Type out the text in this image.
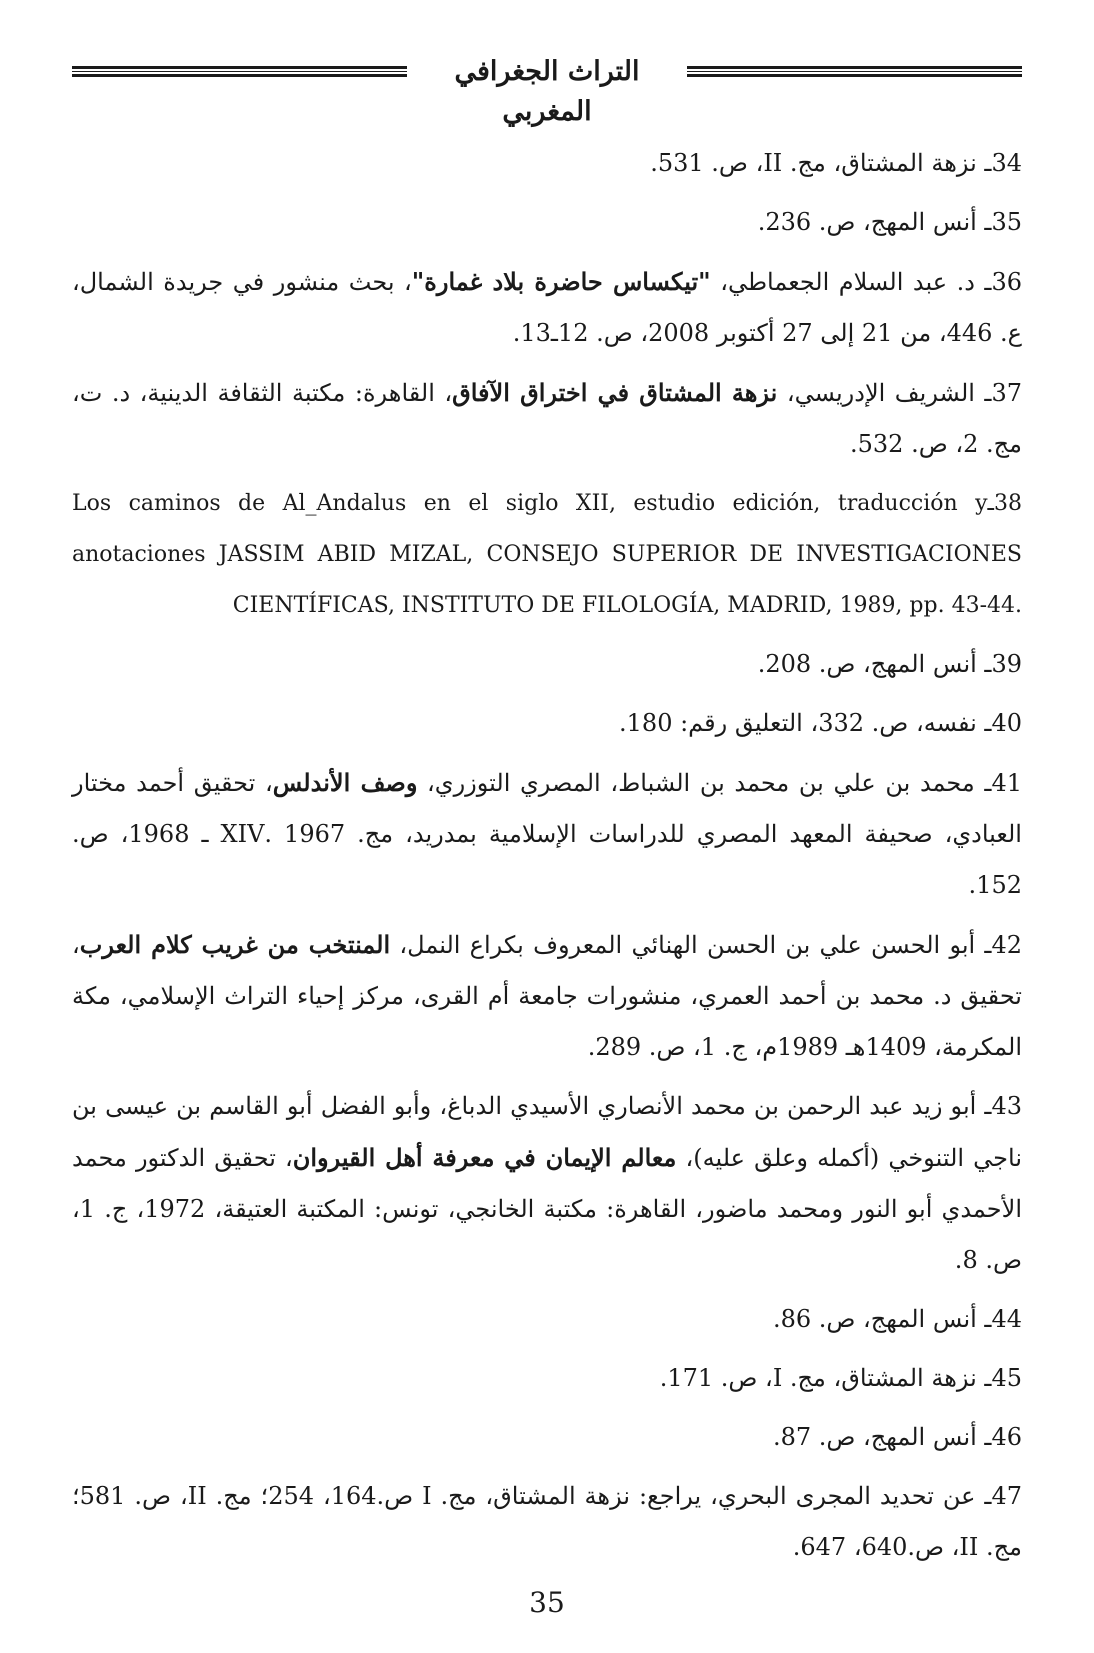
التراث الجغرافي المغربي

34ـ نزهة المشتاق، مج. II، ص. 531.

35ـ أنس المهج، ص. 236.

36ـ د. عبد السلام الجعماطي، "تيكساس حاضرة بلاد غمارة"، بحث منشور في جريدة الشمال، ع. 446، من 21 إلى 27 أكتوبر 2008، ص. 12ـ13.

37ـ الشريف الإدريسي، نزهة المشتاق في اختراق الآفاق، القاهرة: مكتبة الثقافة الدينية، د. ت، مج. 2، ص. 532.

38ـLos caminos de Al_Andalus en el siglo XII, estudio edición, traducción y anotaciones JASSIM ABID MIZAL, CONSEJO SUPERIOR DE INVESTIGACIONES CIENTÍFICAS, INSTITUTO DE FILOLOGÍA, MADRID, 1989, pp. 43-44.

39ـ أنس المهج، ص. 208.

40ـ نفسه، ص. 332، التعليق رقم: 180.

41ـ محمد بن علي بن محمد بن الشباط، المصري التوزري، وصف الأندلس، تحقيق أحمد مختار العبادي، صحيفة المعهد المصري للدراسات الإسلامية بمدريد، مج. 1967 .XIV ـ 1968، ص. 152.

42ـ أبو الحسن علي بن الحسن الهنائي المعروف بكراع النمل، المنتخب من غريب كلام العرب، تحقيق د. محمد بن أحمد العمري، منشورات جامعة أم القرى، مركز إحياء التراث الإسلامي، مكة المكرمة، 1409هـ 1989م، ج. 1، ص. 289.

43ـ أبو زيد عبد الرحمن بن محمد الأنصاري الأسيدي الدباغ، وأبو الفضل أبو القاسم بن عيسى بن ناجي التنوخي (أكمله وعلق عليه)، معالم الإيمان في معرفة أهل القيروان، تحقيق الدكتور محمد الأحمدي أبو النور ومحمد ماضور، القاهرة: مكتبة الخانجي، تونس: المكتبة العتيقة، 1972، ج. 1، ص. 8.

44ـ أنس المهج، ص. 86.

45ـ نزهة المشتاق، مج. I، ص. 171.

46ـ أنس المهج، ص. 87.

47ـ عن تحديد المجرى البحري، يراجع: نزهة المشتاق، مج. I ص.164، 254؛ مج. II، ص. 581؛ مج. II، ص.640، 647.

35
